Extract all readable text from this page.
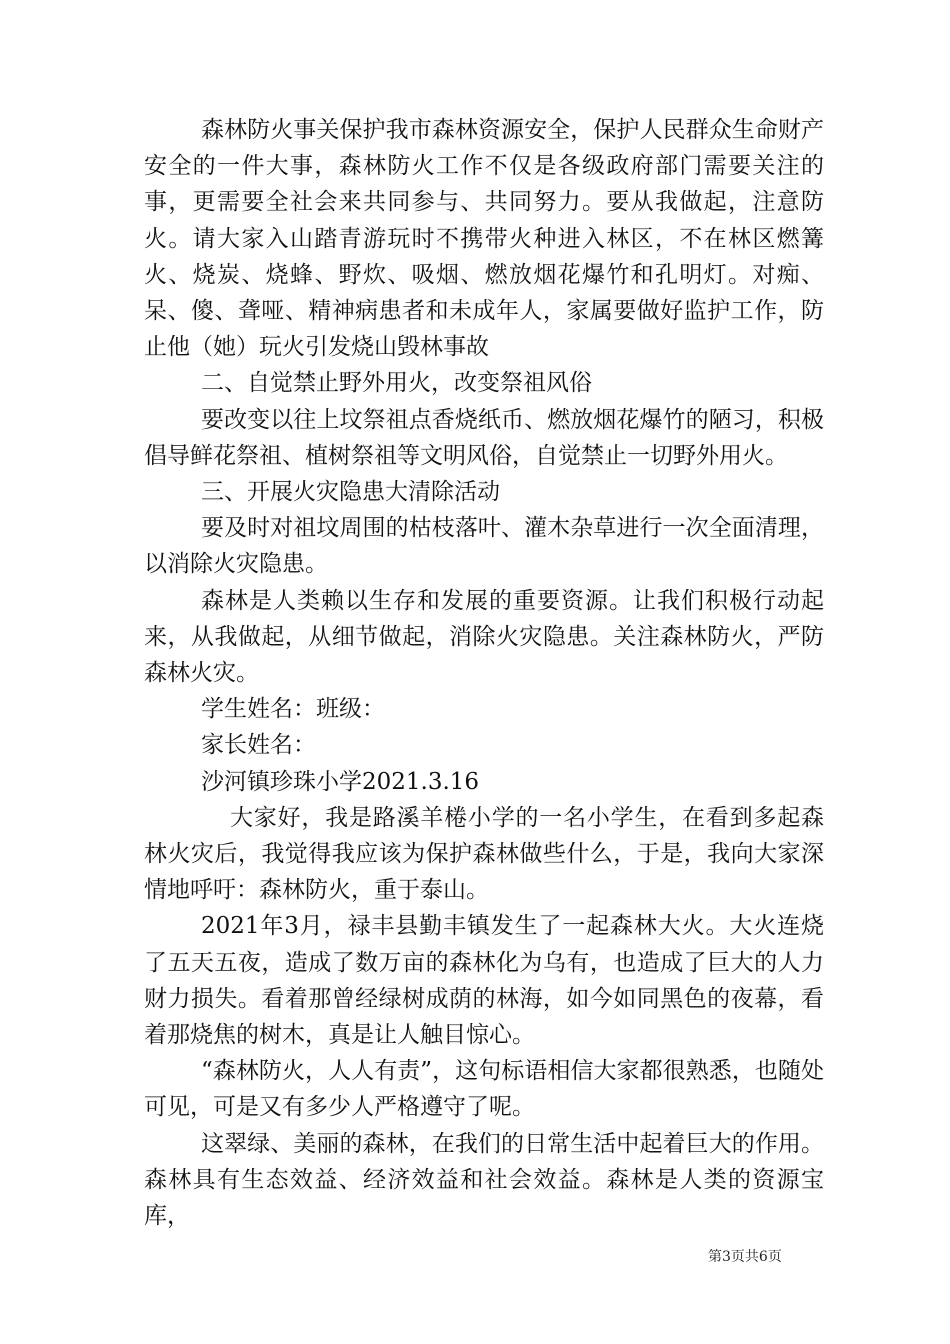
森林防火事关保护我市森林资源安全，保护人民群众生命财产安全的一件大事，森林防火工作不仅是各级政府部门需要关注的事，更需要全社会来共同参与、共同努力。要从我做起，注意防火。请大家入山踏青游玩时不携带火种进入林区，不在林区燃篝火、烧炭、烧蜂、野炊、吸烟、燃放烟花爆竹和孔明灯。对痴、呆、傻、聋哑、精神病患者和未成年人，家属要做好监护工作，防止他（她）玩火引发烧山毁林事故

二、自觉禁止野外用火，改变祭祖风俗

要改变以往上坟祭祖点香烧纸币、燃放烟花爆竹的陋习，积极倡导鲜花祭祖、植树祭祖等文明风俗，自觉禁止一切野外用火。

三、开展火灾隐患大清除活动

要及时对祖坟周围的枯枝落叶、灌木杂草进行一次全面清理，以消除火灾隐患。

森林是人类赖以生存和发展的重要资源。让我们积极行动起来，从我做起，从细节做起，消除火灾隐患。关注森林防火，严防森林火灾。

学生姓名：班级：

家长姓名：

沙河镇珍珠小学2021.3.16

大家好，我是路溪羊棬小学的一名小学生，在看到多起森林火灾后，我觉得我应该为保护森林做些什么，于是，我向大家深情地呼吁：森林防火，重于泰山。

2021年3月，禄丰县勤丰镇发生了一起森林大火。大火连烧了五天五夜，造成了数万亩的森林化为乌有，也造成了巨大的人力财力损失。看着那曾经绿树成荫的林海，如今如同黑色的夜幕，看着那烧焦的树木，真是让人触目惊心。

“森林防火，人人有责”，这句标语相信大家都很熟悉，也随处可见，可是又有多少人严格遵守了呢。

这翠绿、美丽的森林，在我们的日常生活中起着巨大的作用。森林具有生态效益、经济效益和社会效益。森林是人类的资源宝库，

第3页共6页
